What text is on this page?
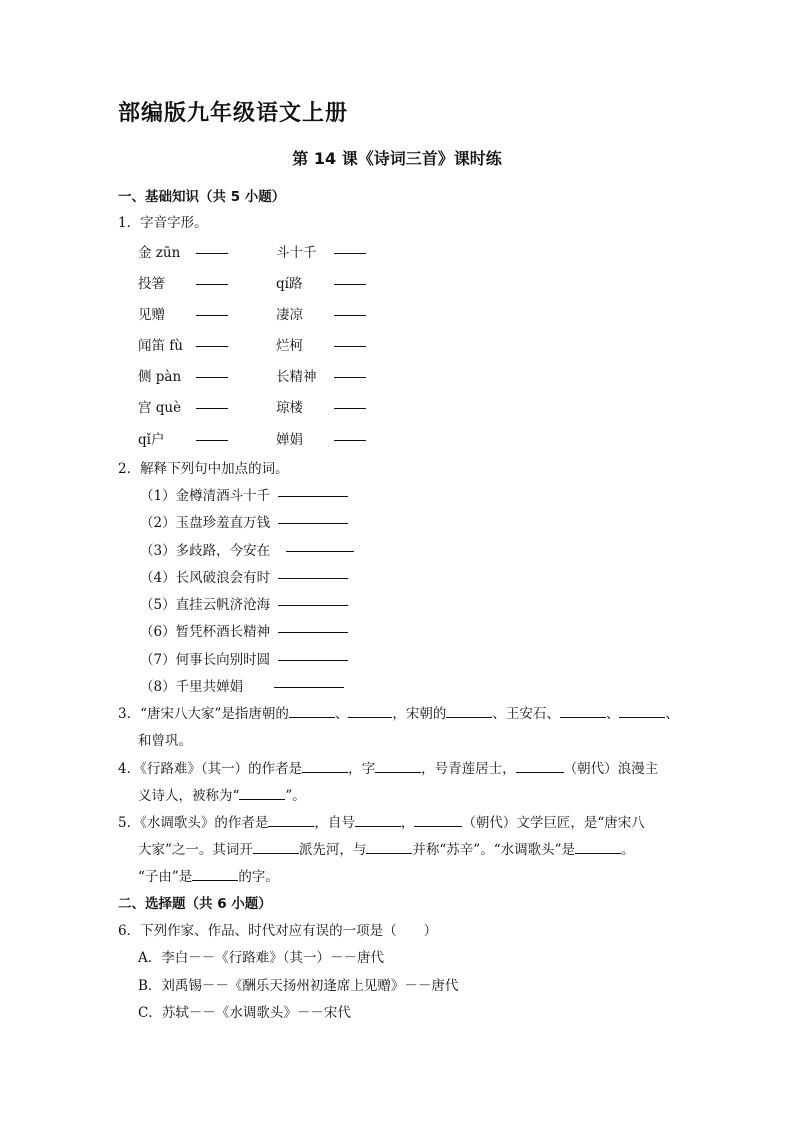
部编版九年级语文上册
第 14 课《诗词三首》课时练
一、基础知识（共 5 小题）
1．字音字形。
金 zūn	斗十千
投箸	qí路
见赠	凄凉
闻笛 fù	烂柯
侧 pàn	长精神
宫 què	琼楼
qǐ户	婵娟
2．解释下列句中加点的词。
（1）金樽清酒斗十千
（2）玉盘珍羞直万钱
（3）多歧路，今安在
（4）长风破浪会有时
（5）直挂云帆济沧海
（6）暂凭杯酒长精神
（7）何事长向别时圆
（8）千里共婵娟
3．“唐宋八大家”是指唐朝的	、	，宋朝的	、王安石、	、	、
和曾巩。
4．《行路难》（其一）的作者是	，字	，号青莲居士，	（朝代）浪漫主
义诗人，被称为“	”。
5．《水调歌头》的作者是	，自号	，	（朝代）文学巨匠，是“唐宋八
大家”之一。其词开	派先河，与	并称“苏辛”。“水调歌头”是	。
“子由”是	的字。
二、选择题（共 6 小题）
6．下列作家、作品、时代对应有误的一项是（　　）
A．李白－－《行路难》（其一）－－唐代
B．刘禹锡－－《酬乐天扬州初逢席上见赠》－－唐代
C．苏轼－－《水调歌头》－－宋代
